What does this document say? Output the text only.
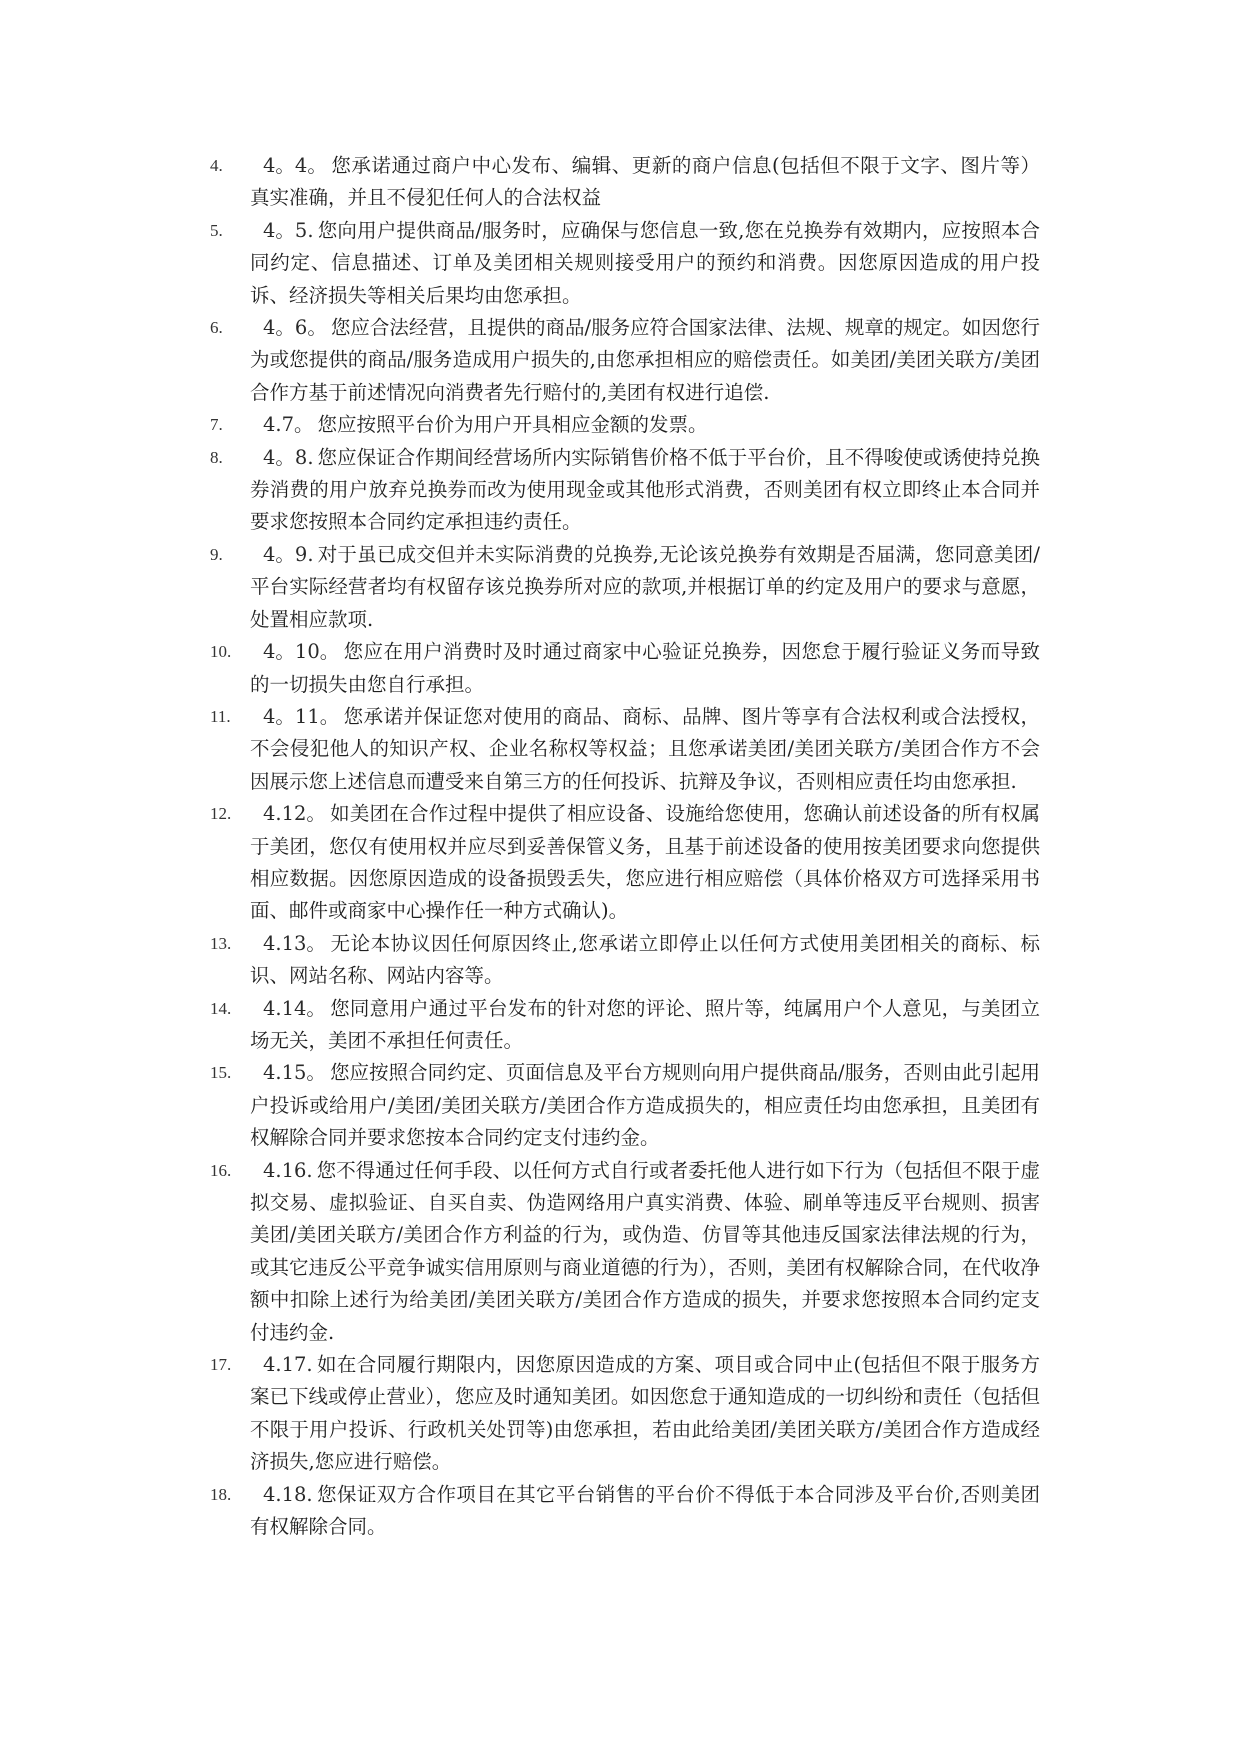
4.	4。4。 您承诺通过商户中心发布、编辑、更新的商户信息(包括但不限于文字、图片等）真实准确，并且不侵犯任何人的合法权益
5.	4。5. 您向用户提供商品/服务时，应确保与您信息一致,您在兑换券有效期内，应按照本合同约定、信息描述、订单及美团相关规则接受用户的预约和消费。因您原因造成的用户投诉、经济损失等相关后果均由您承担。
6.	4。6。 您应合法经营，且提供的商品/服务应符合国家法律、法规、规章的规定。如因您行为或您提供的商品/服务造成用户损失的,由您承担相应的赔偿责任。如美团/美团关联方/美团合作方基于前述情况向消费者先行赔付的,美团有权进行追偿.
7.	4.7。 您应按照平台价为用户开具相应金额的发票。
8.	4。8. 您应保证合作期间经营场所内实际销售价格不低于平台价，且不得唆使或诱使持兑换券消费的用户放弃兑换券而改为使用现金或其他形式消费，否则美团有权立即终止本合同并要求您按照本合同约定承担违约责任。
9.	4。9. 对于虽已成交但并未实际消费的兑换券,无论该兑换券有效期是否届满，您同意美团/平台实际经营者均有权留存该兑换券所对应的款项,并根据订单的约定及用户的要求与意愿，处置相应款项.
10.	4。10。 您应在用户消费时及时通过商家中心验证兑换券，因您怠于履行验证义务而导致的一切损失由您自行承担。
11.	4。11。 您承诺并保证您对使用的商品、商标、品牌、图片等享有合法权利或合法授权，不会侵犯他人的知识产权、企业名称权等权益；且您承诺美团/美团关联方/美团合作方不会因展示您上述信息而遭受来自第三方的任何投诉、抗辩及争议，否则相应责任均由您承担.
12.	4.12。 如美团在合作过程中提供了相应设备、设施给您使用，您确认前述设备的所有权属于美团，您仅有使用权并应尽到妥善保管义务，且基于前述设备的使用按美团要求向您提供相应数据。因您原因造成的设备损毁丢失，您应进行相应赔偿（具体价格双方可选择采用书面、邮件或商家中心操作任一种方式确认)。
13.	4.13。 无论本协议因任何原因终止,您承诺立即停止以任何方式使用美团相关的商标、标识、网站名称、网站内容等。
14.	4.14。 您同意用户通过平台发布的针对您的评论、照片等，纯属用户个人意见，与美团立场无关，美团不承担任何责任。
15.	4.15。 您应按照合同约定、页面信息及平台方规则向用户提供商品/服务，否则由此引起用户投诉或给用户/美团/美团关联方/美团合作方造成损失的，相应责任均由您承担，且美团有权解除合同并要求您按本合同约定支付违约金。
16.	4.16. 您不得通过任何手段、以任何方式自行或者委托他人进行如下行为（包括但不限于虚拟交易、虚拟验证、自买自卖、伪造网络用户真实消费、体验、刷单等违反平台规则、损害美团/美团关联方/美团合作方利益的行为，或伪造、仿冒等其他违反国家法律法规的行为，或其它违反公平竞争诚实信用原则与商业道德的行为），否则，美团有权解除合同，在代收净额中扣除上述行为给美团/美团关联方/美团合作方造成的损失，并要求您按照本合同约定支付违约金.
17.	4.17. 如在合同履行期限内，因您原因造成的方案、项目或合同中止(包括但不限于服务方案已下线或停止营业），您应及时通知美团。如因您怠于通知造成的一切纠纷和责任（包括但不限于用户投诉、行政机关处罚等)由您承担，若由此给美团/美团关联方/美团合作方造成经济损失,您应进行赔偿。
18.	4.18. 您保证双方合作项目在其它平台销售的平台价不得低于本合同涉及平台价,否则美团有权解除合同。
